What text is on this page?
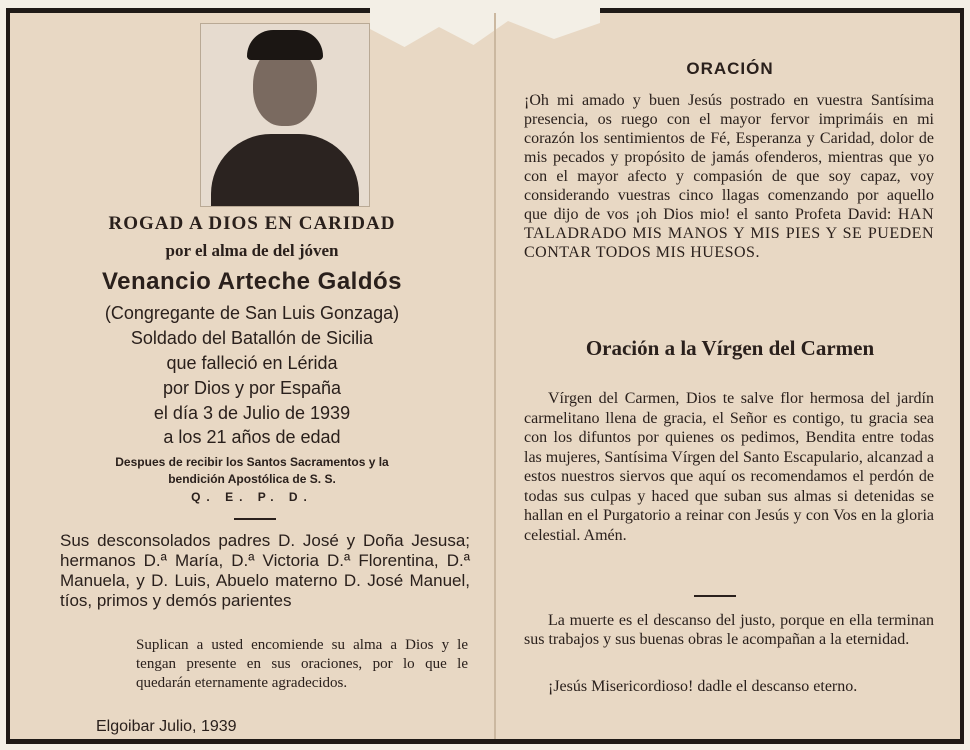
ROGAD A DIOS EN CARIDAD
por el alma de del jóven
Venancio Arteche Galdós
(Congregante de San Luis Gonzaga)
Soldado del Batallón de Sicilia
que falleció en Lérida
por Dios y por España
el día 3 de Julio de 1939
a los 21 años de edad
Despues de recibir los Santos Sacramentos y la
bendición Apostólica de S. S.
Q. E. P. D.
Sus desconsolados padres D. José y Doña Jesusa; hermanos D.ª María, D.ª Victoria D.ª Florentina, D.ª Manuela, y D. Luis, Abuelo materno D. José Manuel, tíos, primos y demós parientes
Suplican a usted encomiende su alma a Dios y le tengan presente en sus oraciones, por lo que le quedarán eternamente agradecidos.
Elgoibar Julio, 1939
ORACIÓN
¡Oh mi amado y buen Jesús postrado en vuestra Santísima presencia, os ruego con el mayor fervor imprimáis en mi corazón los sentimientos de Fé, Esperanza y Caridad, dolor de mis pecados y propósito de jamás ofenderos, mientras que yo con el mayor afecto y compasión de que soy capaz, voy considerando vuestras cinco llagas comenzando por aquello que dijo de vos ¡oh Dios mio! el santo Profeta David: HAN TALADRADO MIS MANOS Y MIS PIES Y SE PUEDEN CONTAR TODOS MIS HUESOS.
Oración a la Vírgen del Carmen
Vírgen del Carmen, Dios te salve flor hermosa del jardín carmelitano llena de gracia, el Señor es contigo, tu gracia sea con los difuntos por quienes os pedimos, Bendita entre todas las mujeres, Santísima Vírgen del Santo Escapulario, alcanzad a estos nuestros siervos que aquí os recomendamos el perdón de todas sus culpas y haced que suban sus almas si detenidas se hallan en el Purgatorio a reinar con Jesús y con Vos en la gloria celestial. Amén.
La muerte es el descanso del justo, porque en ella terminan sus trabajos y sus buenas obras le acompañan a la eternidad.
¡Jesús Misericordioso! dadle el descanso eterno.
